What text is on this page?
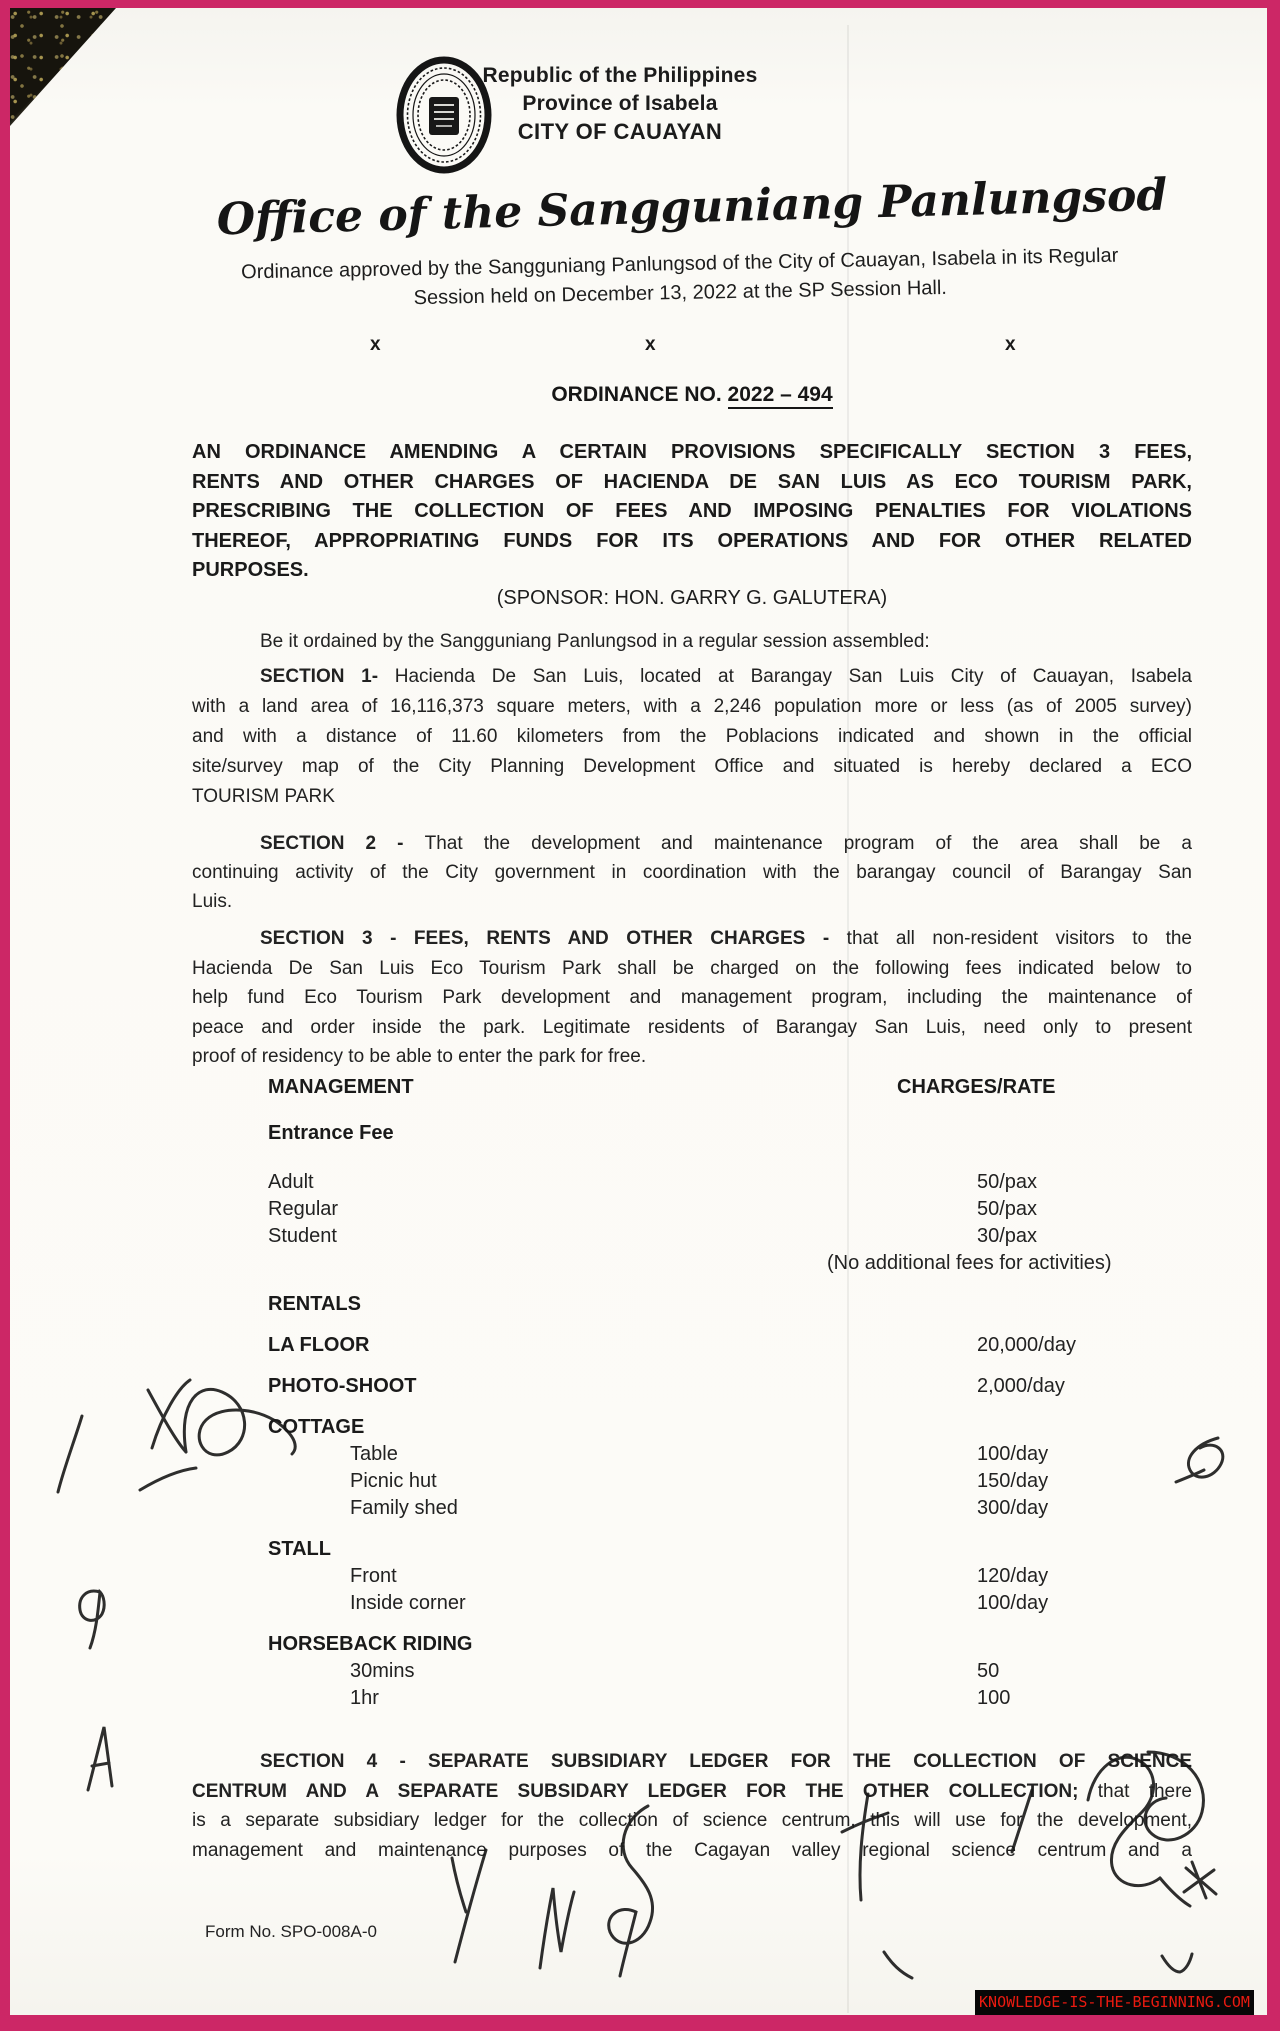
Republic of the Philippines
Province of Isabela
CITY OF CAUAYAN
Office of the Sangguniang Panlungsod
Ordinance approved by the Sangguniang Panlungsod of the City of Cauayan, Isabela in its Regular
Session held on December 13, 2022 at the SP Session Hall.
x	x	x
ORDINANCE NO. 2022 – 494
AN ORDINANCE AMENDING A CERTAIN PROVISIONS SPECIFICALLY SECTION 3 FEES,
RENTS AND OTHER CHARGES OF HACIENDA DE SAN LUIS AS ECO TOURISM PARK,
PRESCRIBING THE COLLECTION OF FEES AND IMPOSING PENALTIES FOR VIOLATIONS
THEREOF, APPROPRIATING FUNDS FOR ITS OPERATIONS AND FOR OTHER RELATED
PURPOSES.
(SPONSOR: HON. GARRY G. GALUTERA)
Be it ordained by the Sangguniang Panlungsod in a regular session assembled:
SECTION 1- Hacienda De San Luis, located at Barangay San Luis City of Cauayan, Isabela
with a land area of 16,116,373 square meters, with a 2,246 population more or less (as of 2005 survey)
and with a distance of 11.60 kilometers from the Poblacions indicated and shown in the official
site/survey map of the City Planning Development Office and situated is hereby declared a ECO
TOURISM PARK
SECTION 2 - That the development and maintenance program of the area shall be a
continuing activity of the City government in coordination with the barangay council of Barangay San
Luis.
SECTION 3 - FEES, RENTS AND OTHER CHARGES - that all non-resident visitors to the
Hacienda De San Luis Eco Tourism Park shall be charged on the following fees indicated below to
help fund Eco Tourism Park development and management program, including the maintenance of
peace and order inside the park. Legitimate residents of Barangay San Luis, need only to present
proof of residency to be able to enter the park for free.
MANAGEMENT	CHARGES/RATE
Entrance Fee
Adult	50/pax
Regular	50/pax
Student	30/pax
(No additional fees for activities)
RENTALS
LA FLOOR	20,000/day
PHOTO-SHOOT	2,000/day
COTTAGE
Table	100/day
Picnic hut	150/day
Family shed	300/day
STALL
Front	120/day
Inside corner	100/day
HORSEBACK RIDING
30mins	50
1hr	100
SECTION 4 - SEPARATE SUBSIDIARY LEDGER FOR THE COLLECTION OF SCIENCE
CENTRUM AND A SEPARATE SUBSIDARY LEDGER FOR THE OTHER COLLECTION; that there
is a separate subsidiary ledger for the collection of science centrum, this will use for the development,
management and maintenance purposes of the Cagayan valley regional science centrum and a
Form No. SPO-008A-0
KNOWLEDGE-IS-THE-BEGINNING.COM
